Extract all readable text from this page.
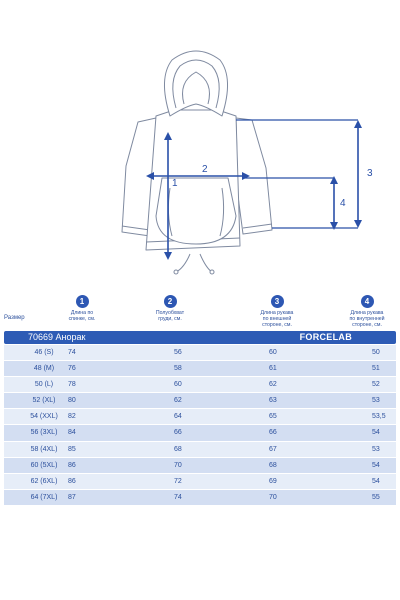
1
2	3
4
Размер
1
Длина по
спинке, см.
2
Полуобхват
груди, см.
3
Длина рукава
по внешней
стороне, см.
4
Длина рукава
по внутренней
стороне, см.
70669 Анорак	FORCELAB
46 (S)	74	56	60	50
48 (M)	76	58	61	51
50 (L)	78	60	62	52
52 (XL)	80	62	63	53
54 (XXL)	82	64	65	53,5
56 (3XL)	84	66	66	54
58 (4XL)	85	68	67	53
60 (5XL)	86	70	68	54
62 (6XL)	86	72	69	54
64 (7XL)	87	74	70	55
